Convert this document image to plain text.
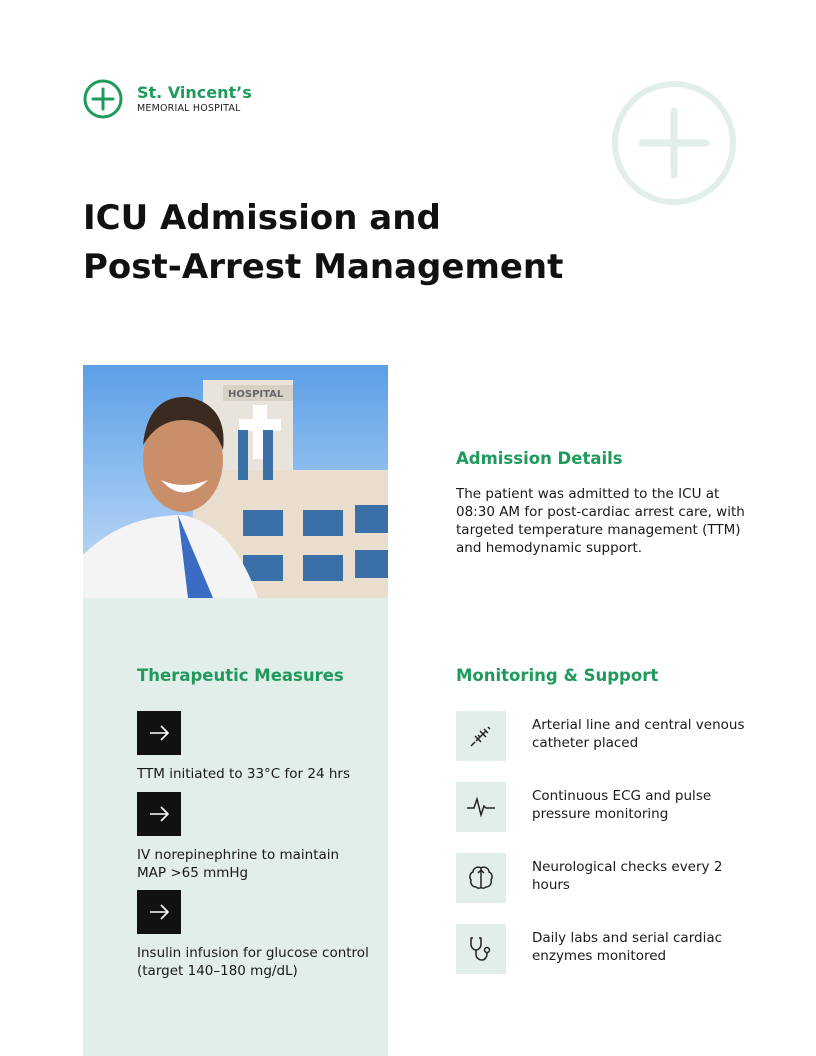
St. Vincent’s
MEMORIAL HOSPITAL
ICU Admission and
Post-Arrest Management
HOSPITAL
Admission Details

The patient was admitted to the ICU at 08:30 AM for post-cardiac arrest care, with targeted temperature management (TTM) and hemodynamic support.

Therapeutic Measures

TTM initiated to 33°C for 24 hrs

IV norepinephrine to maintain MAP >65 mmHg

Insulin infusion for glucose control (target 140–180 mg/dL)

Monitoring & Support

Arterial line and central venous catheter placed

Continuous ECG and pulse pressure monitoring

Neurological checks every 2 hours

Daily labs and serial cardiac enzymes monitored
